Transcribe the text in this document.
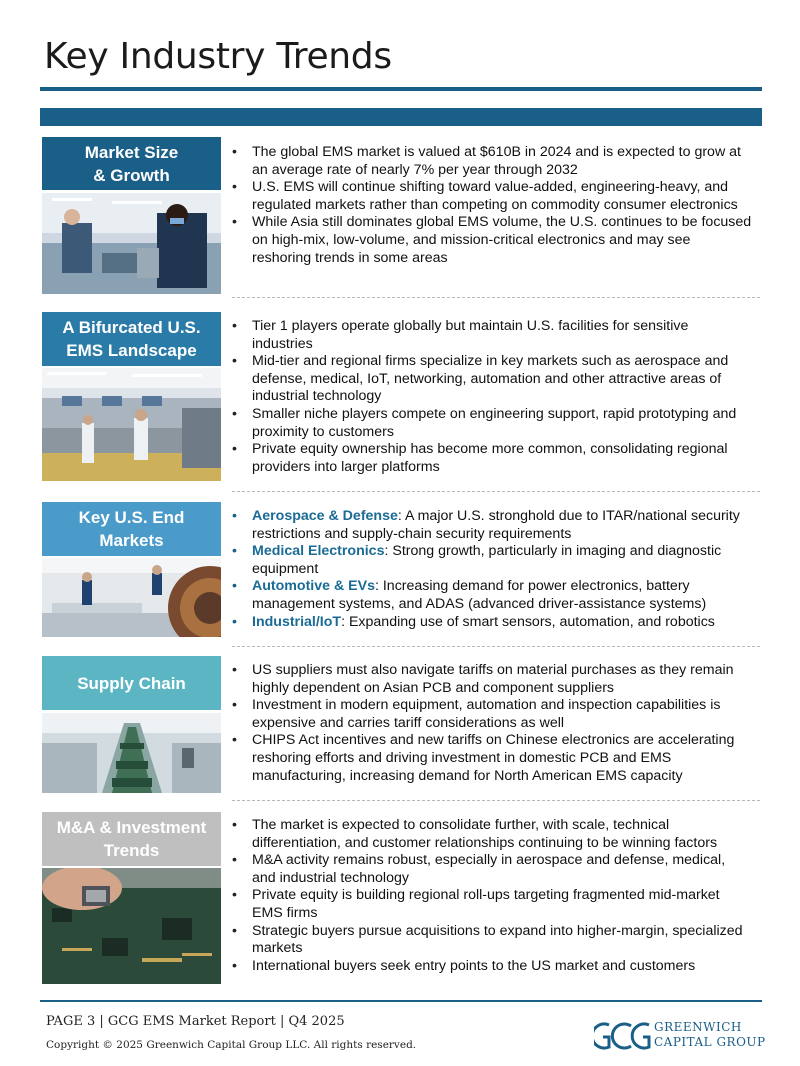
Key Industry Trends
Market Size
& Growth
• The global EMS market is valued at $610B in 2024 and is expected to grow at an average rate of nearly 7% per year through 2032
• U.S. EMS will continue shifting toward value-added, engineering-heavy, and regulated markets rather than competing on commodity consumer electronics
• While Asia still dominates global EMS volume, the U.S. continues to be focused on high-mix, low-volume, and mission-critical electronics and may see reshoring trends in some areas
A Bifurcated U.S.
EMS Landscape
• Tier 1 players operate globally but maintain U.S. facilities for sensitive industries
• Mid-tier and regional firms specialize in key markets such as aerospace and defense, medical, IoT, networking, automation and other attractive areas of industrial technology
• Smaller niche players compete on engineering support, rapid prototyping and proximity to customers
• Private equity ownership has become more common, consolidating regional providers into larger platforms
Key U.S. End
Markets
• Aerospace & Defense: A major U.S. stronghold due to ITAR/national security restrictions and supply-chain security requirements
• Medical Electronics: Strong growth, particularly in imaging and diagnostic equipment
• Automotive & EVs: Increasing demand for power electronics, battery management systems, and ADAS (advanced driver-assistance systems)
• Industrial/IoT: Expanding use of smart sensors, automation, and robotics
Supply Chain
• US suppliers must also navigate tariffs on material purchases as they remain highly dependent on Asian PCB and component suppliers
• Investment in modern equipment, automation and inspection capabilities is expensive and carries tariff considerations as well
• CHIPS Act incentives and new tariffs on Chinese electronics are accelerating reshoring efforts and driving investment in domestic PCB and EMS manufacturing, increasing demand for North American EMS capacity
M&A & Investment
Trends
• The market is expected to consolidate further, with scale, technical differentiation, and customer relationships continuing to be winning factors
• M&A activity remains robust, especially in aerospace and defense, medical, and industrial technology
• Private equity is building regional roll-ups targeting fragmented mid-market EMS firms
• Strategic buyers pursue acquisitions to expand into higher-margin, specialized markets
• International buyers seek entry points to the US market and customers
PAGE 3 | GCG EMS Market Report | Q4 2025
Copyright © 2025 Greenwich Capital Group LLC. All rights reserved.
GREENWICH
CAPITAL GROUP
